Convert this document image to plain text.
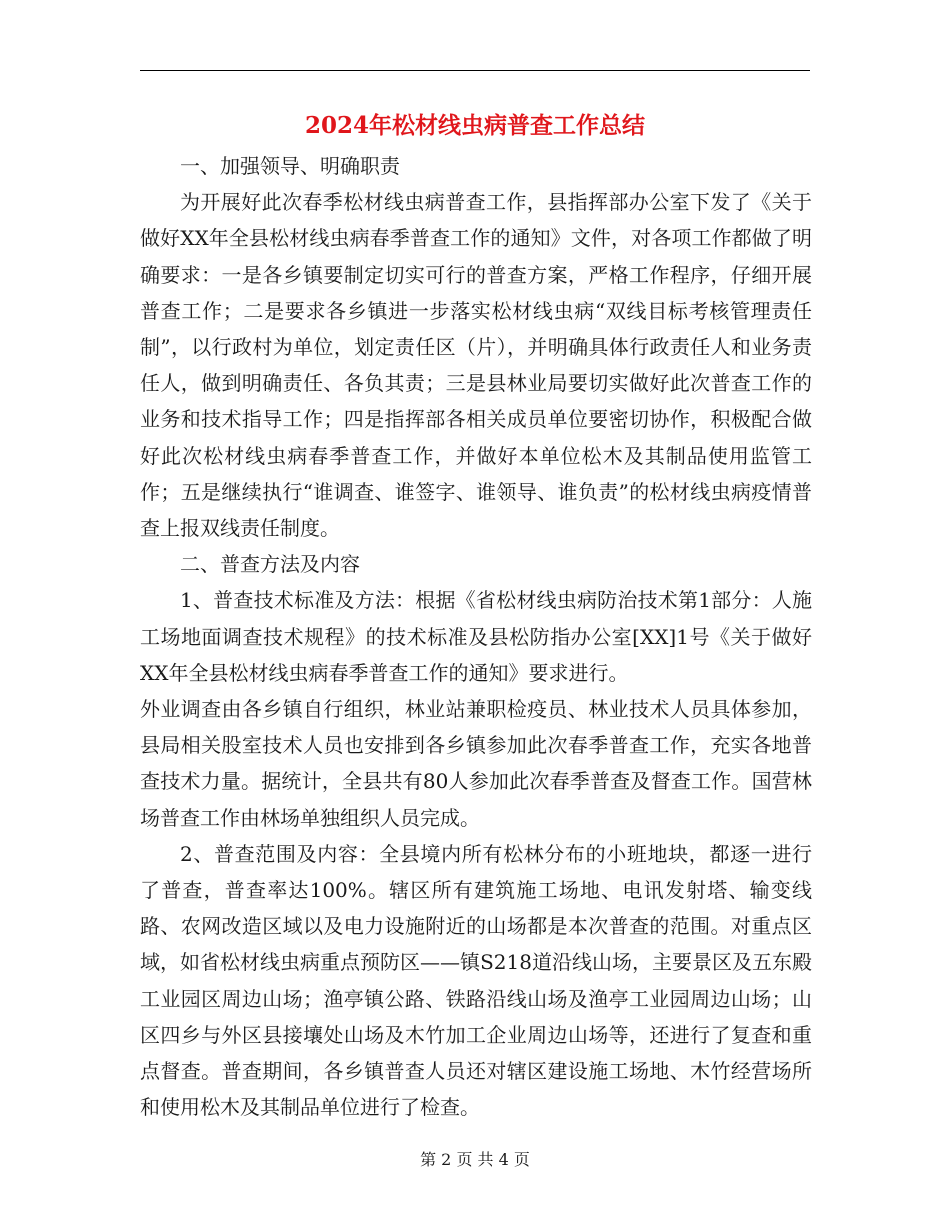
2024年松材线虫病普查工作总结

一、加强领导、明确职责

为开展好此次春季松材线虫病普查工作，县指挥部办公室下发了《关于做好XX年全县松材线虫病春季普查工作的通知》文件，对各项工作都做了明确要求：一是各乡镇要制定切实可行的普查方案，严格工作程序，仔细开展普查工作；二是要求各乡镇进一步落实松材线虫病“双线目标考核管理责任制”，以行政村为单位，划定责任区（片），并明确具体行政责任人和业务责任人，做到明确责任、各负其责；三是县林业局要切实做好此次普查工作的业务和技术指导工作；四是指挥部各相关成员单位要密切协作，积极配合做好此次松材线虫病春季普查工作，并做好本单位松木及其制品使用监管工作；五是继续执行“谁调查、谁签字、谁领导、谁负责”的松材线虫病疫情普查上报双线责任制度。

二、普查方法及内容

1、普查技术标准及方法：根据《省松材线虫病防治技术第1部分：人施工场地面调查技术规程》的技术标准及县松防指办公室[XX]1号《关于做好XX年全县松材线虫病春季普查工作的通知》要求进行。

外业调查由各乡镇自行组织，林业站兼职检疫员、林业技术人员具体参加，县局相关股室技术人员也安排到各乡镇参加此次春季普查工作，充实各地普查技术力量。据统计，全县共有80人参加此次春季普查及督查工作。国营林场普查工作由林场单独组织人员完成。

2、普查范围及内容：全县境内所有松林分布的小班地块，都逐一进行了普查，普查率达100%。辖区所有建筑施工场地、电讯发射塔、输变线路、农网改造区域以及电力设施附近的山场都是本次普查的范围。对重点区域，如省松材线虫病重点预防区——镇S218道沿线山场，主要景区及五东殿工业园区周边山场；渔亭镇公路、铁路沿线山场及渔亭工业园周边山场；山区四乡与外区县接壤处山场及木竹加工企业周边山场等，还进行了复查和重点督查。普查期间，各乡镇普查人员还对辖区建设施工场地、木竹经营场所和使用松木及其制品单位进行了检查。

第 2 页 共 4 页
